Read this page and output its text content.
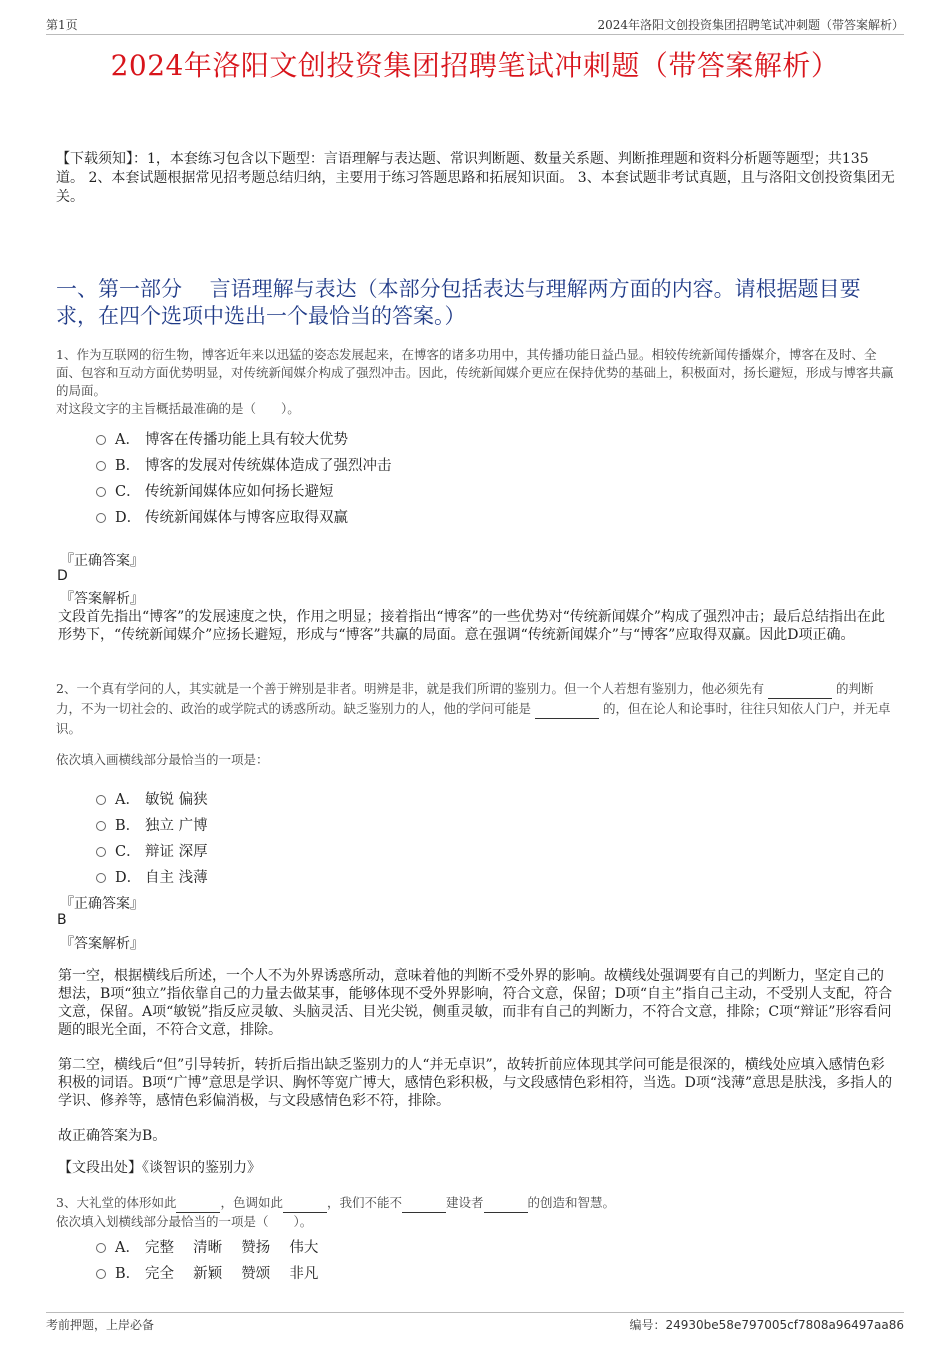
第1页	2024年洛阳文创投资集团招聘笔试冲刺题（带答案解析）
2024年洛阳文创投资集团招聘笔试冲刺题（带答案解析）
【下载须知】：1，本套练习包含以下题型：言语理解与表达题、常识判断题、数量关系题、判断推理题和资料分析题等题型；共135道。 2、本套试题根据常见招考题总结归纳，主要用于练习答题思路和拓展知识面。 3、本套试题非考试真题，且与洛阳文创投资集团无关。
一、第一部分　 言语理解与表达（本部分包括表达与理解两方面的内容。请根据题目要求，在四个选项中选出一个最恰当的答案。）
1、作为互联网的衍生物，博客近年来以迅猛的姿态发展起来，在博客的诸多功用中，其传播功能日益凸显。相较传统新闻传播媒介，博客在及时、全面、包容和互动方面优势明显，对传统新闻媒介构成了强烈冲击。因此，传统新闻媒介更应在保持优势的基础上，积极面对，扬长避短，形成与博客共赢的局面。
对这段文字的主旨概括最准确的是（　　）。
A． 博客在传播功能上具有较大优势
B． 博客的发展对传统媒体造成了强烈冲击
C． 传统新闻媒体应如何扬长避短
D． 传统新闻媒体与博客应取得双赢
『正确答案』
D
『答案解析』
文段首先指出“博客”的发展速度之快，作用之明显；接着指出“博客”的一些优势对“传统新闻媒介”构成了强烈冲击；最后总结指出在此形势下，“传统新闻媒介”应扬长避短，形成与“博客”共赢的局面。意在强调“传统新闻媒介”与“博客”应取得双赢。因此D项正确。
2、一个真有学问的人，其实就是一个善于辨别是非者。明辨是非，就是我们所谓的鉴别力。但一个人若想有鉴别力，他必须先有	的判断力，不为一切社会的、政治的或学院式的诱惑所动。缺乏鉴别力的人，他的学问可能是	的，但在论人和论事时，往往只知依人门户，并无卓识。
依次填入画横线部分最恰当的一项是：
A． 敏锐 偏狭
B． 独立 广博
C． 辩证 深厚
D． 自主 浅薄
『正确答案』
B
『答案解析』
第一空，根据横线后所述，一个人不为外界诱惑所动，意味着他的判断不受外界的影响。故横线处强调要有自己的判断力，坚定自己的想法，B项“独立”指依靠自己的力量去做某事，能够体现不受外界影响，符合文意，保留；D项“自主”指自己主动，不受别人支配，符合文意，保留。A项“敏锐”指反应灵敏、头脑灵活、目光尖锐，侧重灵敏，而非有自己的判断力，不符合文意，排除；C项“辩证”形容看问题的眼光全面，不符合文意，排除。
第二空，横线后“但”引导转折，转折后指出缺乏鉴别力的人“并无卓识”，故转折前应体现其学问可能是很深的，横线处应填入感情色彩积极的词语。B项“广博”意思是学识、胸怀等宽广博大，感情色彩积极，与文段感情色彩相符，当选。D项“浅薄”意思是肤浅，多指人的学识、修养等，感情色彩偏消极，与文段感情色彩不符，排除。
故正确答案为B。
【文段出处】《谈智识的鉴别力》
3、大礼堂的体形如此	，色调如此	，我们不能不	建设者	的创造和智慧。
依次填入划横线部分最恰当的一项是（　　）。
A． 完整　 清晰　 赞扬　 伟大
B． 完全　 新颖　 赞颂　 非凡
考前押题，上岸必备	编号：24930be58e797005cf7808a96497aa86
